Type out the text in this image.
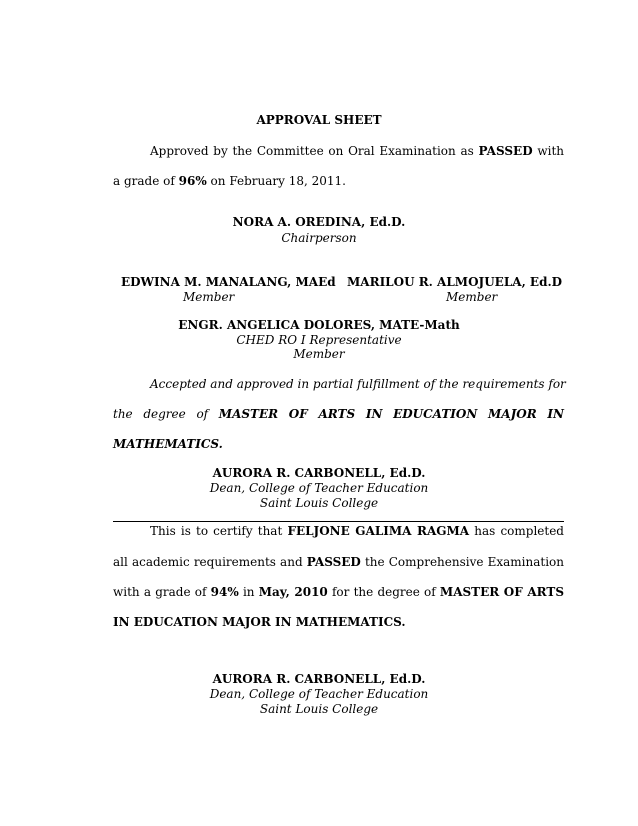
APPROVAL SHEET
Approved by the Committee on Oral Examination as PASSED with
a grade of 96% on February 18, 2011.
NORA A. OREDINA, Ed.D.
Chairperson
EDWINA M. MANALANG, MAEd
Member
MARILOU R. ALMOJUELA, Ed.D
Member
ENGR. ANGELICA DOLORES, MATE-Math
CHED RO I Representative
Member
Accepted and approved in partial fulfillment of the requirements for
the degree of MASTER OF ARTS IN EDUCATION MAJOR IN
MATHEMATICS.
AURORA R. CARBONELL, Ed.D.
Dean, College of Teacher Education
Saint Louis College
This is to certify that FELJONE GALIMA RAGMA has completed
all academic requirements and PASSED the Comprehensive Examination
with a grade of 94% in May, 2010 for the degree of MASTER OF ARTS
IN EDUCATION MAJOR IN MATHEMATICS.
AURORA R. CARBONELL, Ed.D.
Dean, College of Teacher Education
Saint Louis College
